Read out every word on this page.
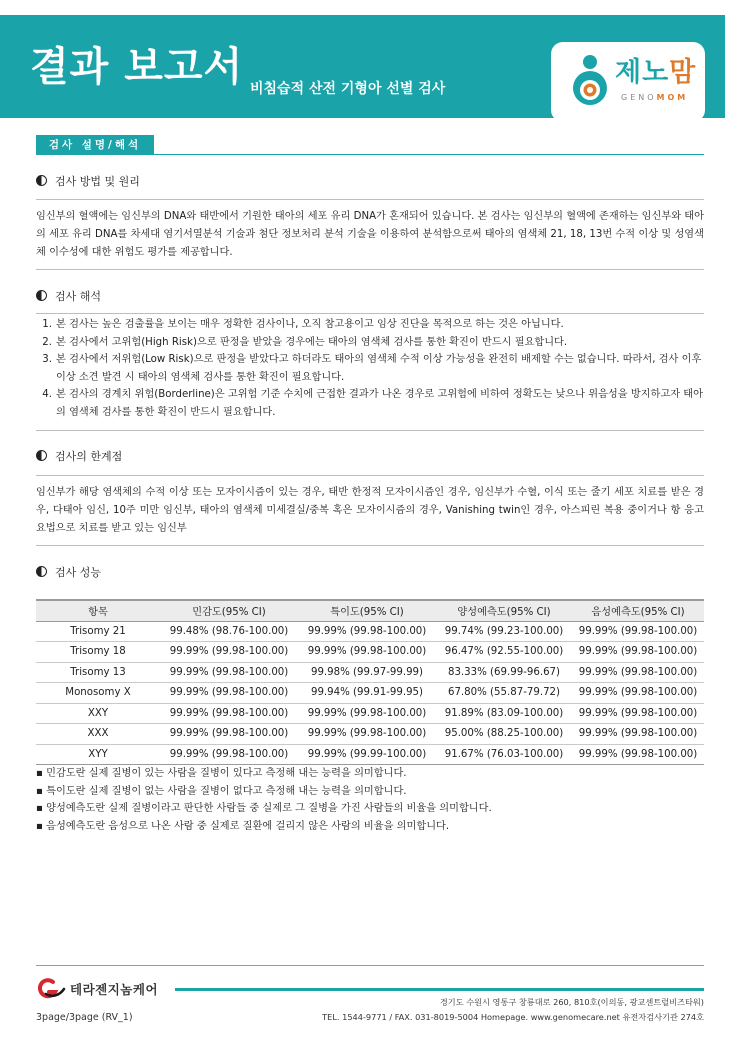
결과 보고서 비침습적 산전 기형아 선별 검사
제노맘
GENOMOM
검사 설명/해석
검사 방법 및 원리
임신부의 혈액에는 임신부의 DNA와 태반에서 기원한 태아의 세포 유리 DNA가 혼재되어 있습니다. 본 검사는 임신부의 혈액에 존재하는 임신부와 태아의 세포 유리 DNA를 차세대 염기서열분석 기술과 첨단 정보처리 분석 기술을 이용하여 분석함으로써 태아의 염색체 21, 18, 13번 수적 이상 및 성염색체 이수성에 대한 위험도 평가를 제공합니다.
검사 해석
1. 본 검사는 높은 검출률을 보이는 매우 정확한 검사이나, 오직 참고용이고 임상 진단을 목적으로 하는 것은 아닙니다.
2. 본 검사에서 고위험(High Risk)으로 판정을 받았을 경우에는 태아의 염색체 검사를 통한 확진이 반드시 필요합니다.
3. 본 검사에서 저위험(Low Risk)으로 판정을 받았다고 하더라도 태아의 염색체 수적 이상 가능성을 완전히 배제할 수는 없습니다. 따라서, 검사 이후 이상 소견 발견 시 태아의 염색체 검사를 통한 확진이 필요합니다.
4. 본 검사의 경계치 위험(Borderline)은 고위험 기준 수치에 근접한 결과가 나온 경우로 고위험에 비하여 정확도는 낮으나 위음성을 방지하고자 태아의 염색체 검사를 통한 확진이 반드시 필요합니다.
검사의 한계점
임신부가 해당 염색체의 수적 이상 또는 모자이시즘이 있는 경우, 태반 한정적 모자이시즘인 경우, 임신부가 수혈, 이식 또는 줄기 세포 치료를 받은 경우, 다태아 임신, 10주 미만 임신부, 태아의 염색체 미세결실/중복 혹은 모자이시즘의 경우, Vanishing twin인 경우, 아스피린 복용 중이거나 항 응고 요법으로 치료를 받고 있는 임신부
검사 성능
항목	민감도(95% CI)	특이도(95% CI)	양성예측도(95% CI)	음성예측도(95% CI)
Trisomy 21	99.48% (98.76-100.00)	99.99% (99.98-100.00)	99.74% (99.23-100.00)	99.99% (99.98-100.00)
Trisomy 18	99.99% (99.98-100.00)	99.99% (99.98-100.00)	96.47% (92.55-100.00)	99.99% (99.98-100.00)
Trisomy 13	99.99% (99.98-100.00)	99.98% (99.97-99.99)	83.33% (69.99-96.67)	99.99% (99.98-100.00)
Monosomy X	99.99% (99.98-100.00)	99.94% (99.91-99.95)	67.80% (55.87-79.72)	99.99% (99.98-100.00)
XXY	99.99% (99.98-100.00)	99.99% (99.98-100.00)	91.89% (83.09-100.00)	99.99% (99.98-100.00)
XXX	99.99% (99.98-100.00)	99.99% (99.98-100.00)	95.00% (88.25-100.00)	99.99% (99.98-100.00)
XYY	99.99% (99.98-100.00)	99.99% (99.99-100.00)	91.67% (76.03-100.00)	99.99% (99.98-100.00)
▪ 민감도란 실제 질병이 있는 사람을 질병이 있다고 측정해 내는 능력을 의미합니다.
▪ 특이도란 실제 질병이 없는 사람을 질병이 없다고 측정해 내는 능력을 의미합니다.
▪ 양성예측도란 실제 질병이라고 판단한 사람들 중 실제로 그 질병을 가진 사람들의 비율을 의미합니다.
▪ 음성예측도란 음성으로 나온 사람 중 실제로 질환에 걸리지 않은 사람의 비율을 의미합니다.
테라젠지놈케어
3page/3page (RV_1)
경기도 수원시 영통구 창룡대로 260, 810호(이의동, 광교센트럴비즈타워)
TEL. 1544-9771 / FAX. 031-8019-5004 Homepage. www.genomecare.net 유전자검사기관 274호
